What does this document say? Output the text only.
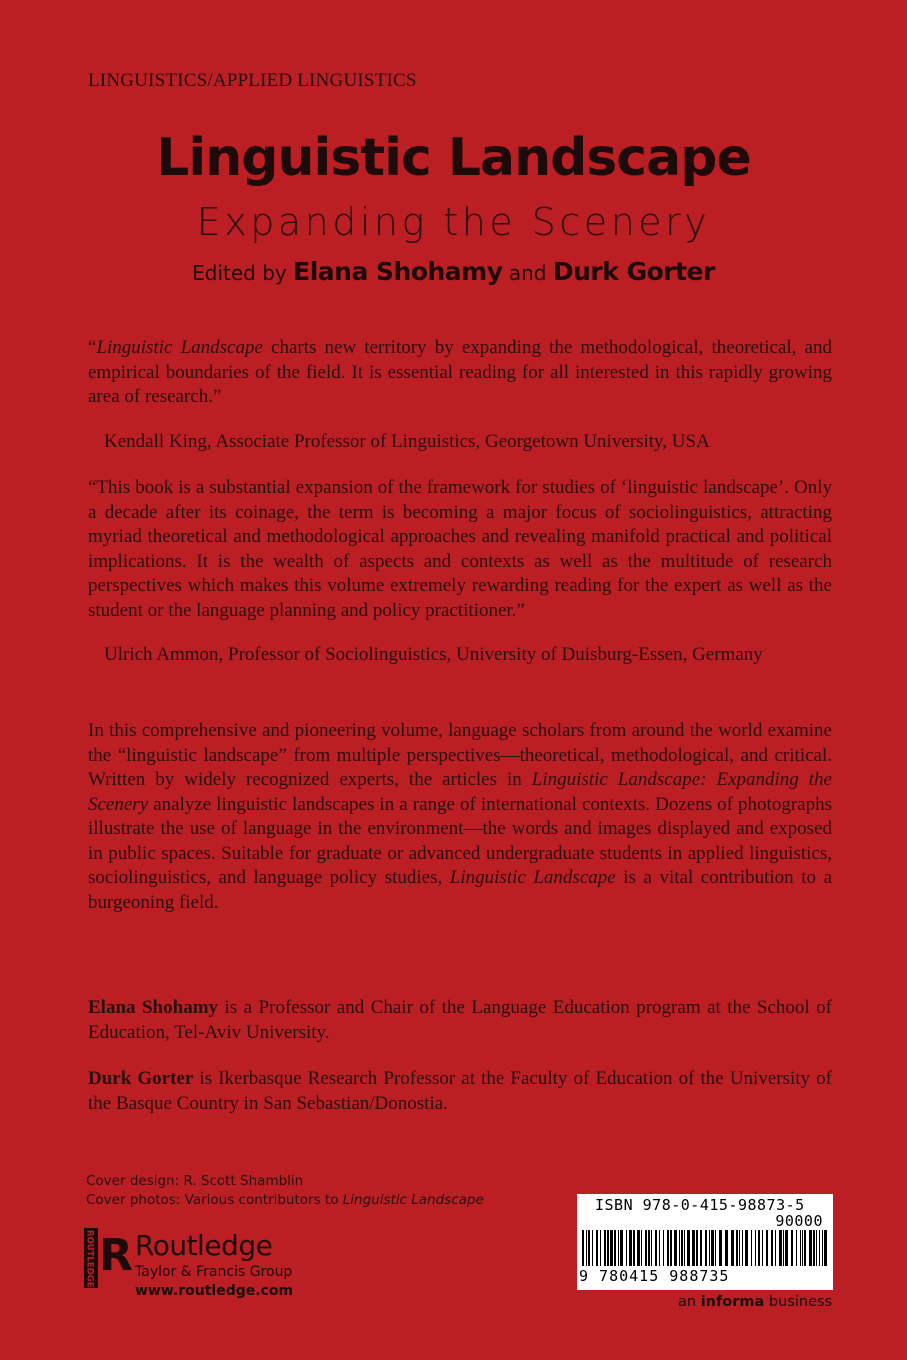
LINGUISTICS/APPLIED LINGUISTICS
Linguistic Landscape
Expanding the Scenery
Edited by Elana Shohamy and Durk Gorter
“Linguistic Landscape charts new territory by expanding the methodological, theoretical, and empirical boundaries of the field. It is essential reading for all interested in this rapidly growing area of research.”
Kendall King, Associate Professor of Linguistics, Georgetown University, USA
“This book is a substantial expansion of the framework for studies of ‘linguistic landscape’. Only a decade after its coinage, the term is becoming a major focus of sociolinguistics, attracting myriad theoretical and methodological approaches and revealing manifold practical and political implications. It is the wealth of aspects and contexts as well as the multitude of research perspectives which makes this volume extremely rewarding reading for the expert as well as the student or the language planning and policy practitioner.”
Ulrich Ammon, Professor of Sociolinguistics, University of Duisburg-Essen, Germany
In this comprehensive and pioneering volume, language scholars from around the world examine the “linguistic landscape” from multiple perspectives—theoretical, methodological, and critical. Written by widely recognized experts, the articles in Linguistic Landscape: Expanding the Scenery analyze linguistic landscapes in a range of international contexts. Dozens of photographs illustrate the use of language in the environment—the words and images displayed and exposed in public spaces. Suitable for graduate or advanced undergraduate students in applied linguistics, sociolinguistics, and language policy studies, Linguistic Landscape is a vital contribution to a burgeoning field.
Elana Shohamy is a Professor and Chair of the Language Education program at the School of Education, Tel-Aviv University.
Durk Gorter is Ikerbasque Research Professor at the Faculty of Education of the University of the Basque Country in San Sebastian/Donostia.
Cover design: R. Scott Shamblin
Cover photos: Various contributors to Linguistic Landscape
ROUTLEDGE R Routledge
Taylor & Francis Group
www.routledge.com
ISBN 978-0-415-98873-5
90000
9 780415 988735
an informa business
